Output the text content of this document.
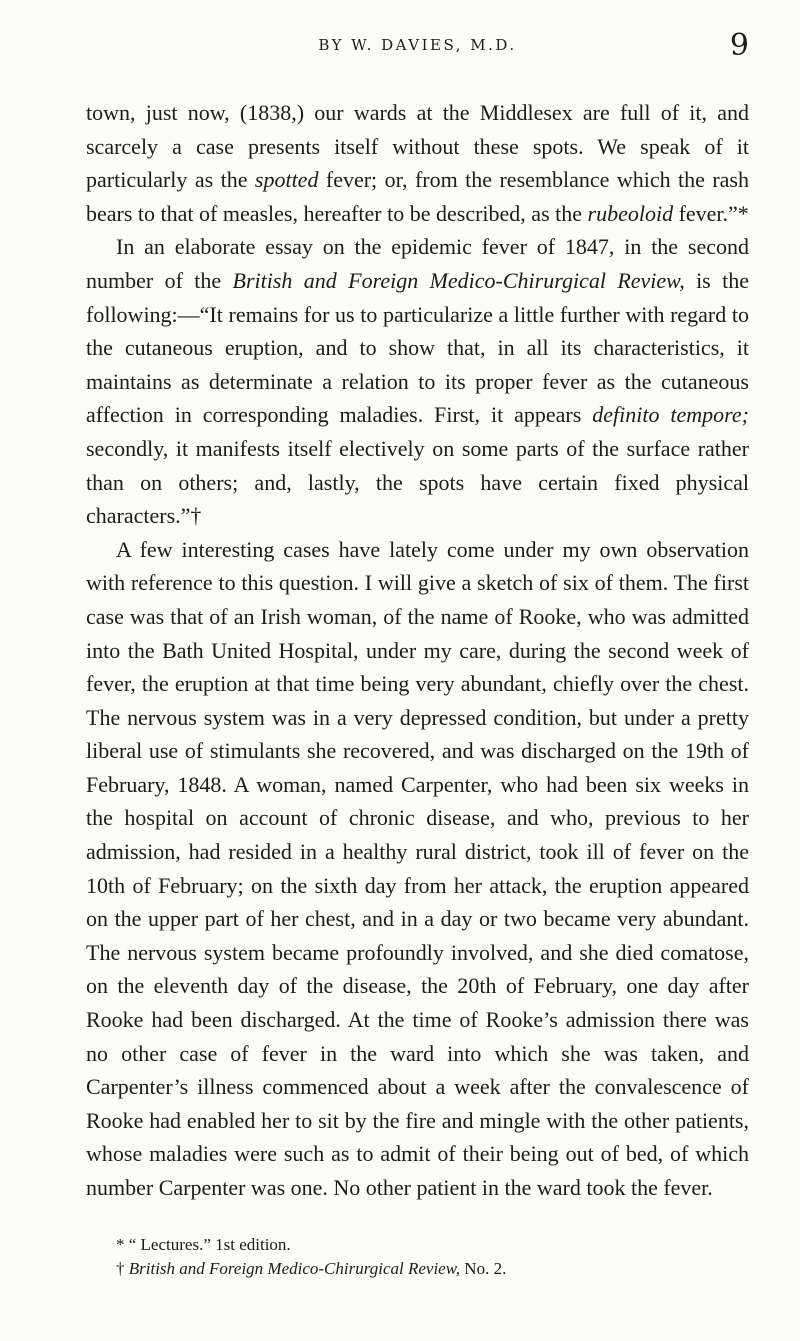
BY W. DAVIES, M.D.	9

town, just now, (1838,) our wards at the Middlesex are full of it, and scarcely a case presents itself without these spots. We speak of it particularly as the spotted fever; or, from the resemblance which the rash bears to that of measles, hereafter to be described, as the rubeoloid fever.”*

In an elaborate essay on the epidemic fever of 1847, in the second number of the British and Foreign Medico-Chirurgical Review, is the following:—“It remains for us to particularize a little further with regard to the cutaneous eruption, and to show that, in all its characteristics, it maintains as determinate a relation to its proper fever as the cutaneous affection in corresponding maladies. First, it appears definito tempore; secondly, it manifests itself electively on some parts of the surface rather than on others; and, lastly, the spots have certain fixed physical characters.”†

A few interesting cases have lately come under my own observation with reference to this question. I will give a sketch of six of them. The first case was that of an Irish woman, of the name of Rooke, who was admitted into the Bath United Hospital, under my care, during the second week of fever, the eruption at that time being very abundant, chiefly over the chest. The nervous system was in a very depressed condition, but under a pretty liberal use of stimulants she recovered, and was discharged on the 19th of February, 1848. A woman, named Carpenter, who had been six weeks in the hospital on account of chronic disease, and who, previous to her admission, had resided in a healthy rural district, took ill of fever on the 10th of February; on the sixth day from her attack, the eruption appeared on the upper part of her chest, and in a day or two became very abundant. The nervous system became profoundly involved, and she died comatose, on the eleventh day of the disease, the 20th of February, one day after Rooke had been discharged. At the time of Rooke’s admission there was no other case of fever in the ward into which she was taken, and Carpenter’s illness commenced about a week after the convalescence of Rooke had enabled her to sit by the fire and mingle with the other patients, whose maladies were such as to admit of their being out of bed, of which number Carpenter was one. No other patient in the ward took the fever.

* “ Lectures.” 1st edition.
† British and Foreign Medico-Chirurgical Review, No. 2.
